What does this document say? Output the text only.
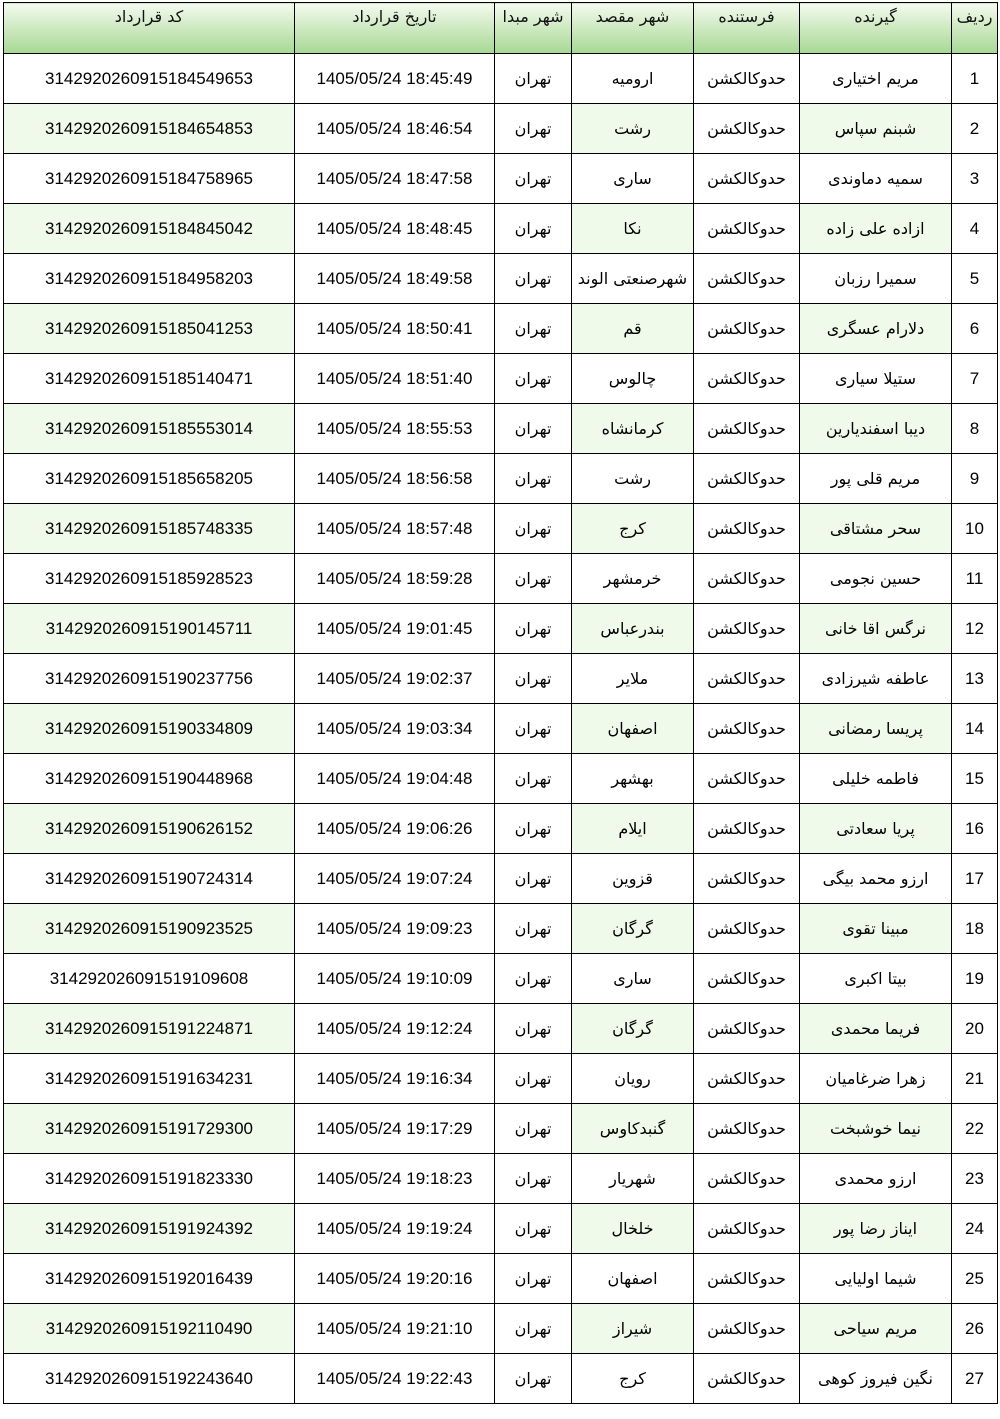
ردیف	گیرنده	فرستنده	شهر مقصد	شهر مبدا	تاریخ قرارداد	کد قرارداد
1	مریم اختیاری	حدوکالکشن	ارومیه	تهران	1405/05/24 18:45:49	3142920260915184549653
2	شبنم سپاس	حدوکالکشن	رشت	تهران	1405/05/24 18:46:54	3142920260915184654853
3	سمیه دماوندی	حدوکالکشن	ساری	تهران	1405/05/24 18:47:58	3142920260915184758965
4	ازاده علی زاده	حدوکالکشن	نکا	تهران	1405/05/24 18:48:45	3142920260915184845042
5	سمیرا رزبان	حدوکالکشن	شهرصنعتی الوند	تهران	1405/05/24 18:49:58	3142920260915184958203
6	دلارام عسگری	حدوکالکشن	قم	تهران	1405/05/24 18:50:41	3142920260915185041253
7	ستیلا سیاری	حدوکالکشن	چالوس	تهران	1405/05/24 18:51:40	3142920260915185140471
8	دیبا اسفندیارین	حدوکالکشن	کرمانشاه	تهران	1405/05/24 18:55:53	3142920260915185553014
9	مریم قلی پور	حدوکالکشن	رشت	تهران	1405/05/24 18:56:58	3142920260915185658205
10	سحر مشتاقی	حدوکالکشن	کرج	تهران	1405/05/24 18:57:48	3142920260915185748335
11	حسین نجومی	حدوکالکشن	خرمشهر	تهران	1405/05/24 18:59:28	3142920260915185928523
12	نرگس اقا خانی	حدوکالکشن	بندرعباس	تهران	1405/05/24 19:01:45	3142920260915190145711
13	عاطفه شیرزادی	حدوکالکشن	ملایر	تهران	1405/05/24 19:02:37	3142920260915190237756
14	پریسا رمضانی	حدوکالکشن	اصفهان	تهران	1405/05/24 19:03:34	3142920260915190334809
15	فاطمه خلیلی	حدوکالکشن	بهشهر	تهران	1405/05/24 19:04:48	3142920260915190448968
16	پریا سعادتی	حدوکالکشن	ایلام	تهران	1405/05/24 19:06:26	3142920260915190626152
17	ارزو محمد بیگی	حدوکالکشن	قزوین	تهران	1405/05/24 19:07:24	3142920260915190724314
18	مبینا تقوی	حدوکالکشن	گرگان	تهران	1405/05/24 19:09:23	3142920260915190923525
19	بیتا اکبری	حدوکالکشن	ساری	تهران	1405/05/24 19:10:09	314292026091519109608
20	فریما محمدی	حدوکالکشن	گرگان	تهران	1405/05/24 19:12:24	3142920260915191224871
21	زهرا ضرغامیان	حدوکالکشن	رویان	تهران	1405/05/24 19:16:34	3142920260915191634231
22	نیما خوشبخت	حدوکالکشن	گنبدکاوس	تهران	1405/05/24 19:17:29	3142920260915191729300
23	ارزو محمدی	حدوکالکشن	شهریار	تهران	1405/05/24 19:18:23	3142920260915191823330
24	ایناز رضا پور	حدوکالکشن	خلخال	تهران	1405/05/24 19:19:24	3142920260915191924392
25	شیما اولیایی	حدوکالکشن	اصفهان	تهران	1405/05/24 19:20:16	3142920260915192016439
26	مریم سیاحی	حدوکالکشن	شیراز	تهران	1405/05/24 19:21:10	3142920260915192110490
27	نگین فیروز کوهی	حدوکالکشن	کرج	تهران	1405/05/24 19:22:43	3142920260915192243640
